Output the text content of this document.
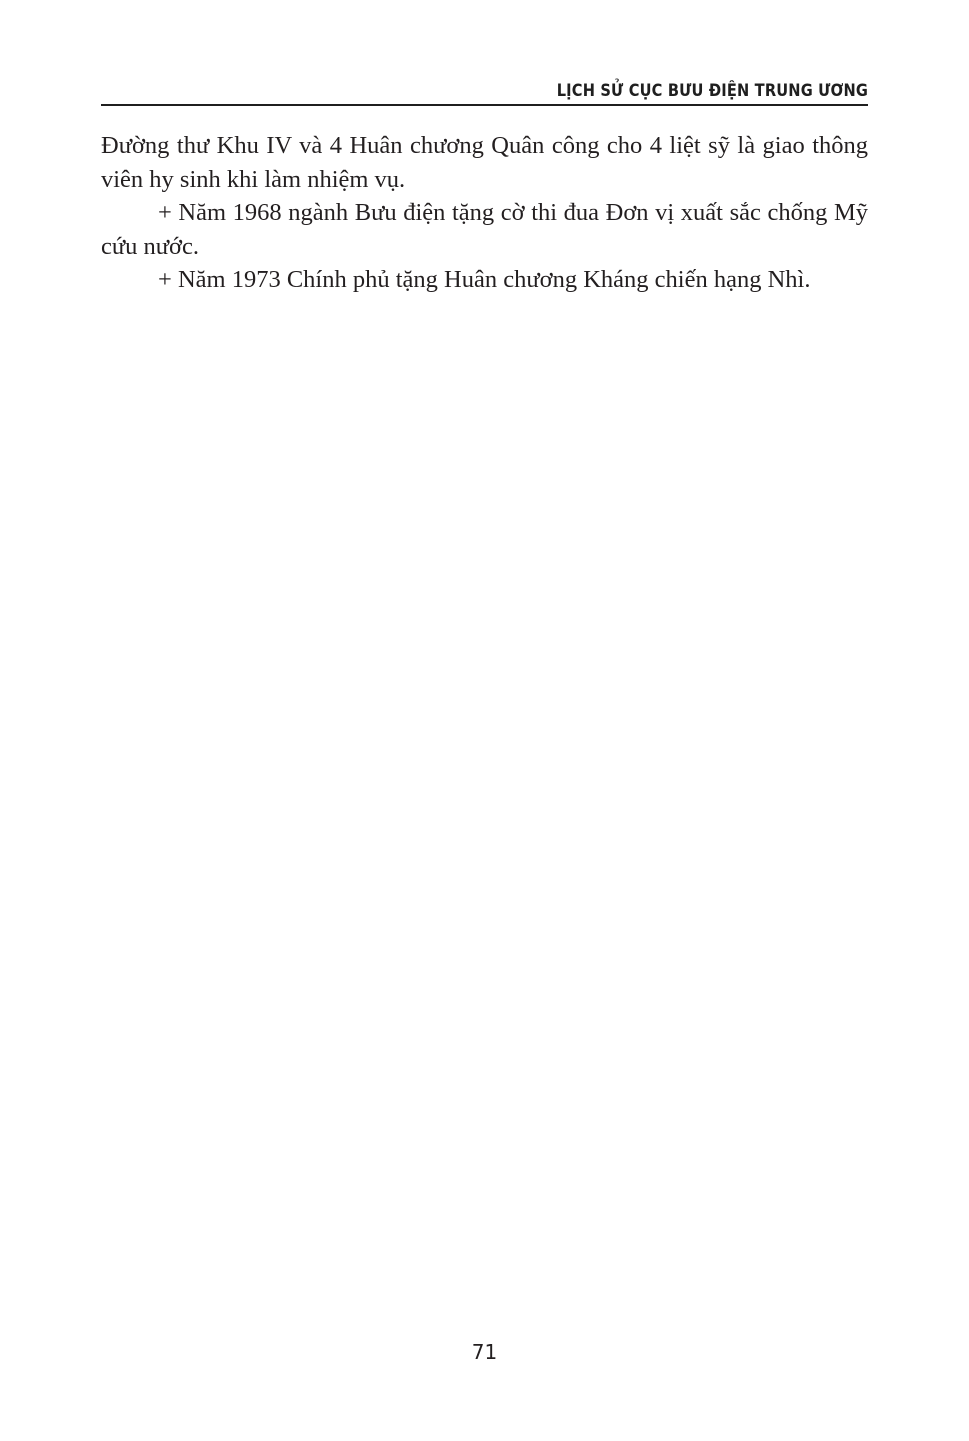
LỊCH SỬ CỤC BƯU ĐIỆN TRUNG ƯƠNG

Đường thư Khu IV và 4 Huân chương Quân công cho 4 liệt sỹ là giao thông viên hy sinh khi làm nhiệm vụ.

+ Năm 1968 ngành Bưu điện tặng cờ thi đua Đơn vị xuất sắc chống Mỹ cứu nước.

+ Năm 1973 Chính phủ tặng Huân chương Kháng chiến hạng Nhì.

71
